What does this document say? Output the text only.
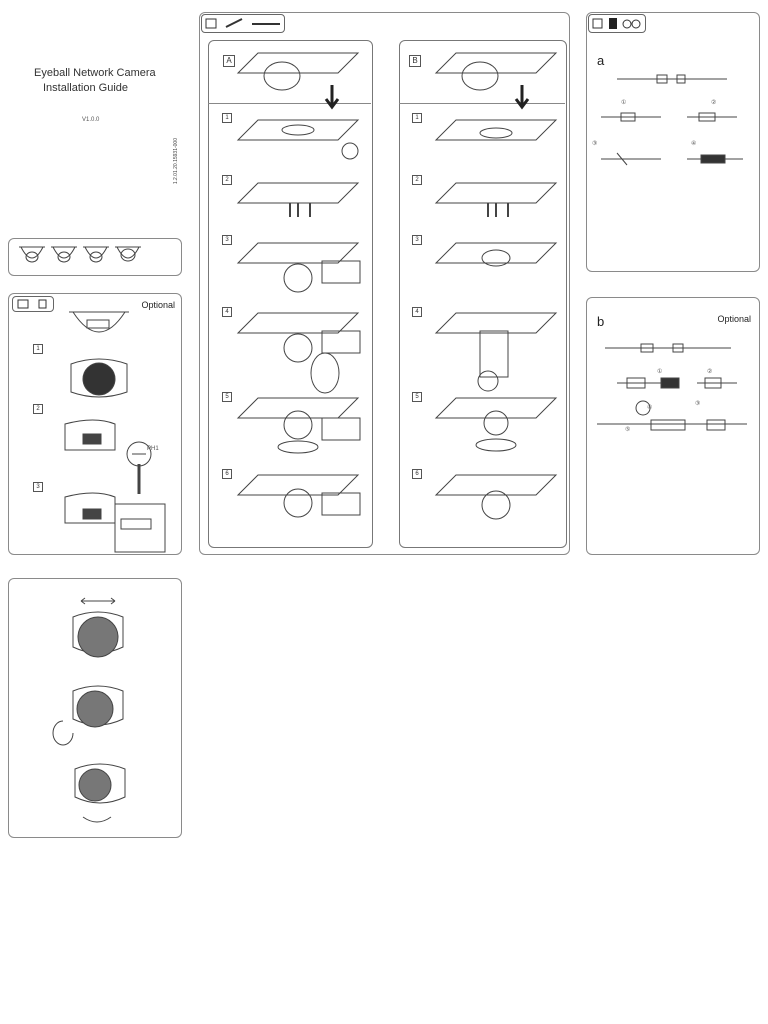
Eyeball Network Camera
Installation Guide
V1.0.0
1.2.01.20.15931-000
Optional
1
2
3
PH1
A	B
1
2
3
4
5
6
1
2
3
4
5
6
a
①	②
③	④
b	Optional
①	②
③
④
⑤
